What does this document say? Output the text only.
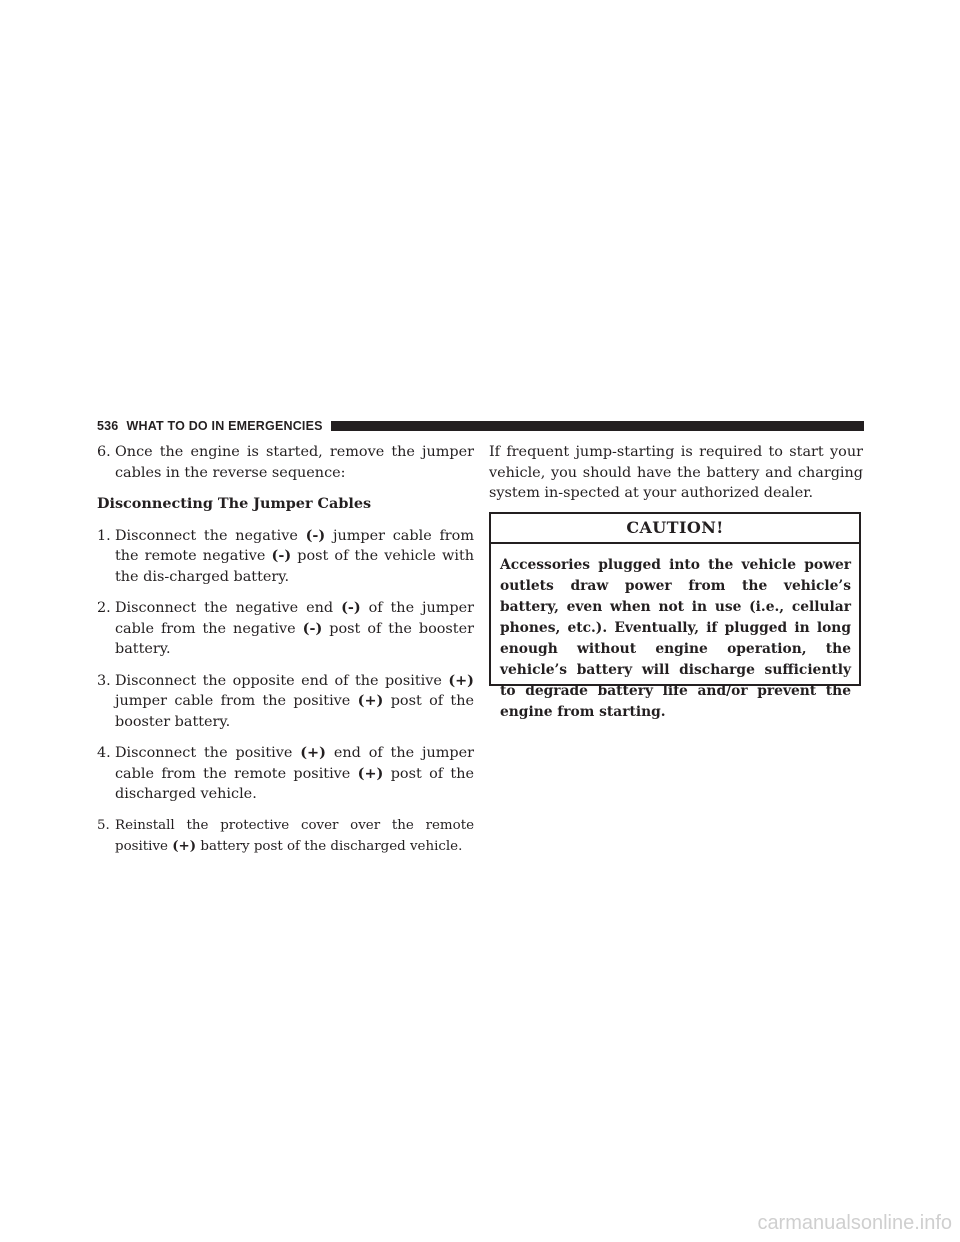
536 WHAT TO DO IN EMERGENCIES

6. Once the engine is started, remove the jumper cables in the reverse sequence:

Disconnecting The Jumper Cables

1. Disconnect the negative (-) jumper cable from the remote negative (-) post of the vehicle with the dis-charged battery.

2. Disconnect the negative end (-) of the jumper cable from the negative (-) post of the booster battery.

3. Disconnect the opposite end of the positive (+) jumper cable from the positive (+) post of the booster battery.

4. Disconnect the positive (+) end of the jumper cable from the remote positive (+) post of the discharged vehicle.

5. Reinstall the protective cover over the remote positive (+) battery post of the discharged vehicle.

If frequent jump-starting is required to start your vehicle, you should have the battery and charging system in-spected at your authorized dealer.

CAUTION!
Accessories plugged into the vehicle power outlets draw power from the vehicle’s battery, even when not in use (i.e., cellular phones, etc.). Eventually, if plugged in long enough without engine operation, the vehicle’s battery will discharge sufficiently to degrade battery life and/or prevent the engine from starting.
carmanualsonline.info
